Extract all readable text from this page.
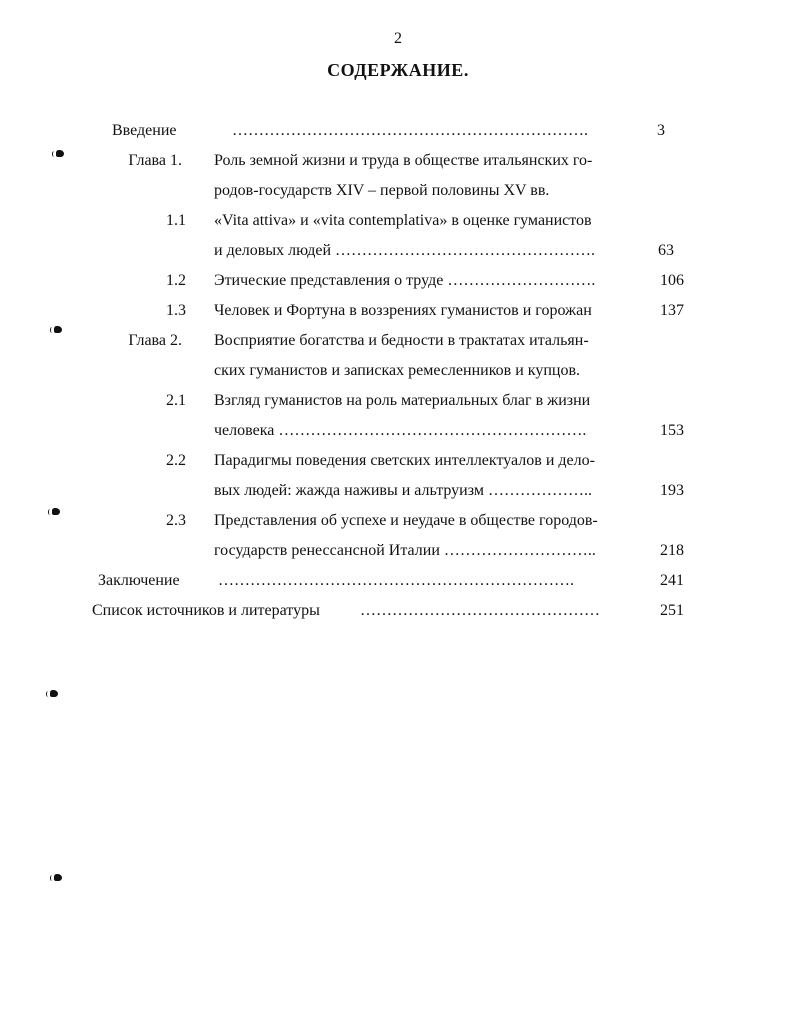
2
СОДЕРЖАНИЕ.
Введение	………………………………………………………….	3
Глава 1. Роль земной жизни и труда в обществе итальянских го-
родов-государств XIV – первой половины XV вв.
1.1 «Vita attiva» и «vita contemplativa» в оценке гуманистов
и деловых людей ………………………………………….	63
1.2 Этические представления о труде ……………………….	106
1.3 Человек и Фортуна в воззрениях гуманистов и горожан	137
Глава 2. Восприятие богатства и бедности в трактатах итальян-
ских гуманистов и записках ремесленников и купцов.
2.1 Взгляд гуманистов на роль материальных благ в жизни
человека ………………………………………………….	153
2.2 Парадигмы поведения светских интеллектуалов и дело-
вых людей: жажда наживы и альтруизм ………………..	193
2.3 Представления об успехе и неудаче в обществе городов-
государств ренессансной Италии ………………………..	218
Заключение ………………………………………………………….	241
Список источников и литературы	………………………………………	251
